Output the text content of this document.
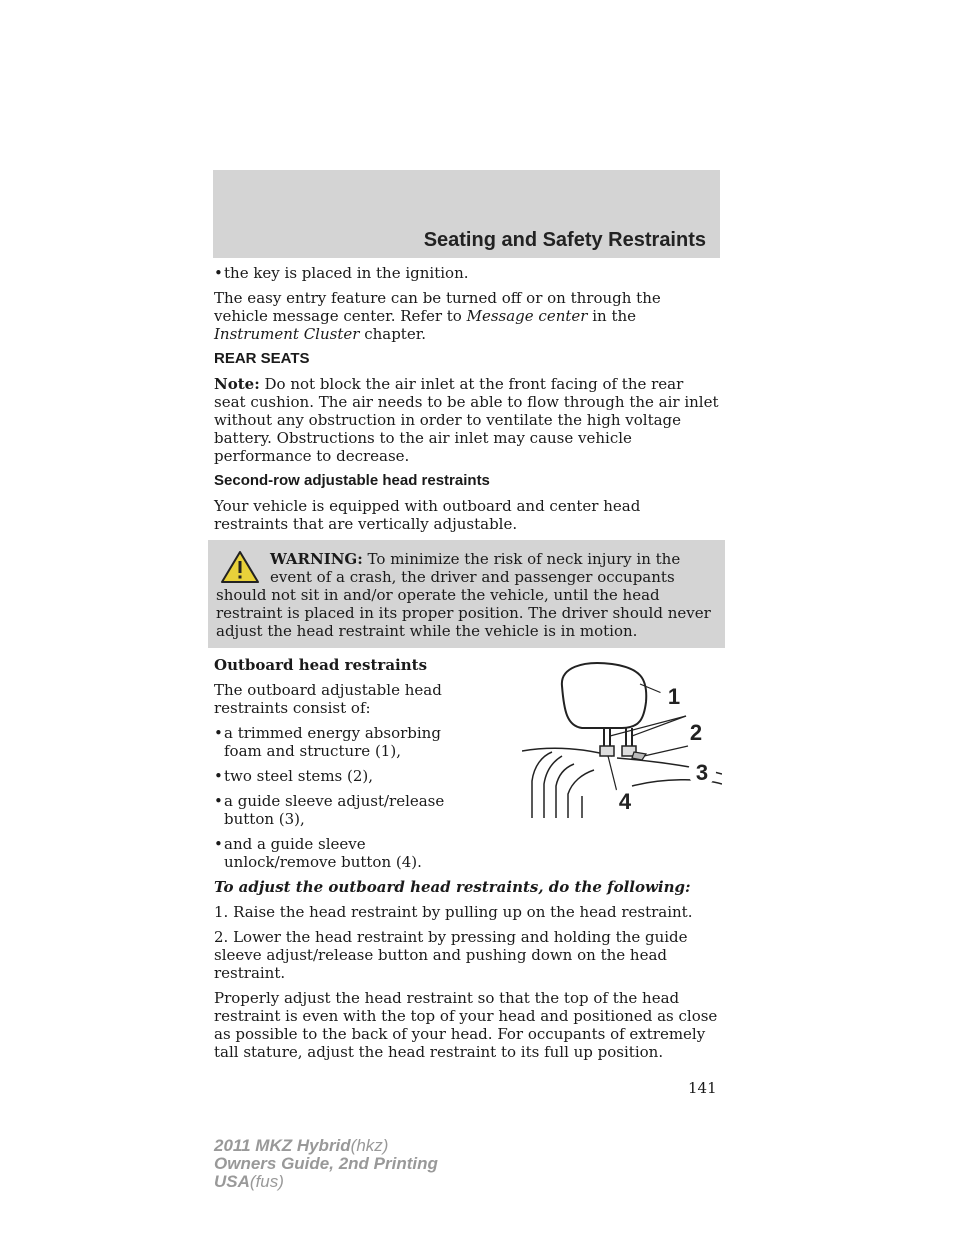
Seating and Safety Restraints
• the key is placed in the ignition.

The easy entry feature can be turned off or on through the vehicle message center. Refer to Message center in the Instrument Cluster chapter.

REAR SEATS

Note: Do not block the air inlet at the front facing of the rear seat cushion. The air needs to be able to flow through the air inlet without any obstruction in order to ventilate the high voltage battery. Obstructions to the air inlet may cause vehicle performance to decrease.

Second-row adjustable head restraints

Your vehicle is equipped with outboard and center head restraints that are vertically adjustable.

WARNING: To minimize the risk of neck injury in the event of a crash, the driver and passenger occupants should not sit in and/or operate the vehicle, until the head restraint is placed in its proper position. The driver should never adjust the head restraint while the vehicle is in motion.

Outboard head restraints

The outboard adjustable head restraints consist of:

• a trimmed energy absorbing foam and structure (1),
• two steel stems (2),
• a guide sleeve adjust/release button (3),
• and a guide sleeve unlock/remove button (4).
1
2
3
4

To adjust the outboard head restraints, do the following:

1. Raise the head restraint by pulling up on the head restraint.

2. Lower the head restraint by pressing and holding the guide sleeve adjust/release button and pushing down on the head restraint.

Properly adjust the head restraint so that the top of the head restraint is even with the top of your head and positioned as close as possible to the back of your head. For occupants of extremely tall stature, adjust the head restraint to its full up position.

141
2011 MKZ Hybrid(hkz)
Owners Guide, 2nd Printing
USA(fus)
